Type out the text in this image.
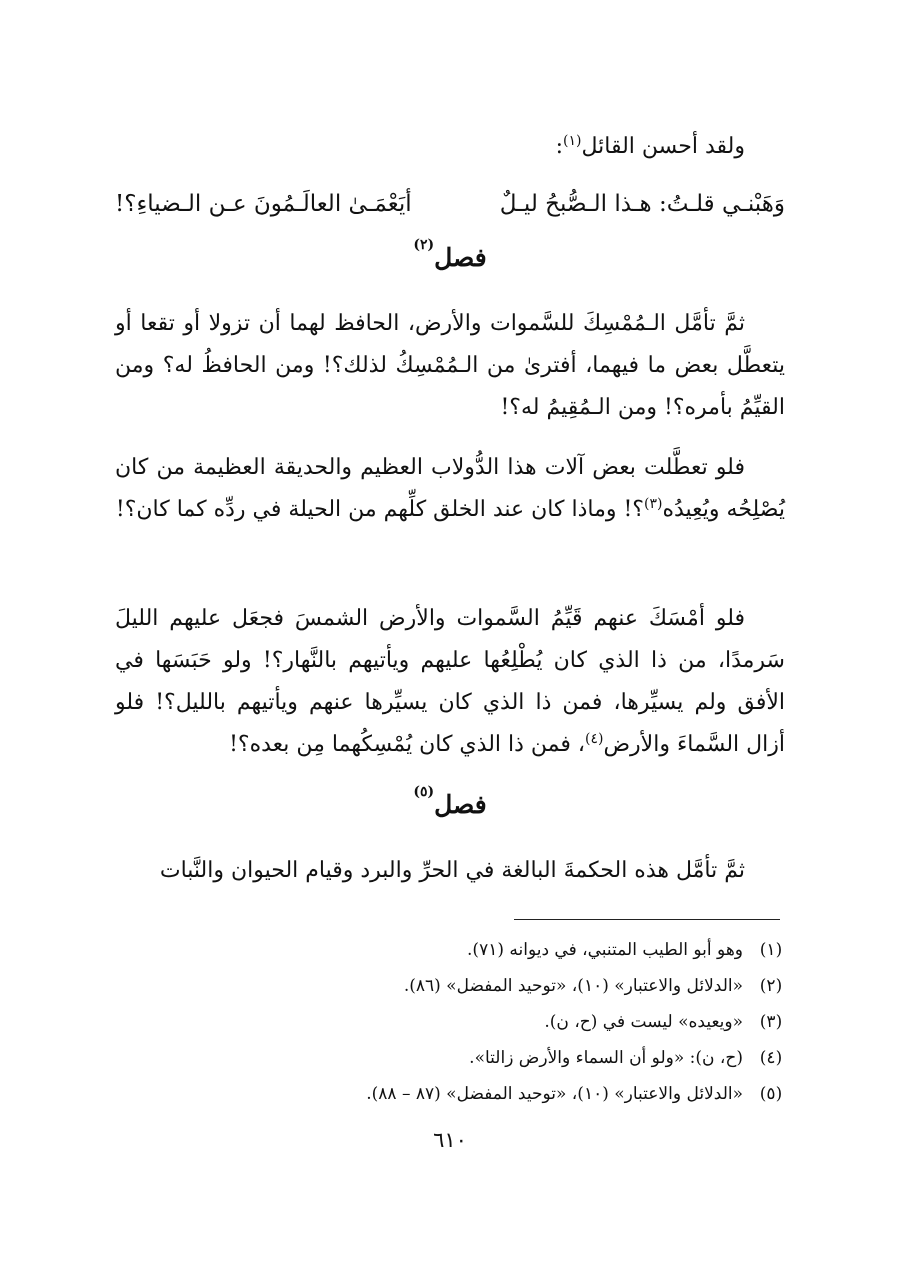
ولقد أحسن القائل$^{(١)}$:
وَهَبْنـي قلـتُ: هـذا الـصُّبحُ ليـلٌ
أيَعْمَـىٰ العالَـمُونَ عـن الـضياءِ؟!
فصل$^{(٢)}$
ثمَّ تأمَّل الـمُمْسِكَ للسَّموات والأرض، الحافظ لهما أن تزولا أو تقعا أو يتعطَّل بعض ما فيهما، أفترىٰ من الـمُمْسِكُ لذلك؟! ومن الحافظُ له؟ ومن القيِّمُ بأمره؟! ومن الـمُقِيمُ له؟!
فلو تعطَّلت بعض آلات هذا الدُّولاب العظيم والحديقة العظيمة من كان يُصْلِحُه ويُعِيدُه$^{(٣)}$؟! وماذا كان عند الخلق كلِّهم من الحيلة في ردِّه كما كان؟!
فلو أمْسَكَ عنهم قَيِّمُ السَّموات والأرض الشمسَ فجعَل عليهم الليلَ سَرمدًا، من ذا الذي كان يُطْلِعُها عليهم ويأتيهم بالنَّهار؟! ولو حَبَسَها في الأفق ولم يسيِّرها، فمن ذا الذي كان يسيِّرها عنهم ويأتيهم بالليل؟! فلو أزال السَّماءَ والأرض$^{(٤)}$، فمن ذا الذي كان يُمْسِكُهما مِن بعده؟!
فصل$^{(٥)}$
ثمَّ تأمَّل هذه الحكمةَ البالغة في الحرِّ والبرد وقيام الحيوان والنَّبات
(١)
وهو أبو الطيب المتنبي، في ديوانه (٧١).
(٢)
«الدلائل والاعتبار» (١٠)، «توحيد المفضل» (٨٦).
(٣)
«ويعيده» ليست في (ح، ن).
(٤)
(ح، ن): «ولو أن السماء والأرض زالتا».
(٥)
«الدلائل والاعتبار» (١٠)، «توحيد المفضل» (٨٧ – ٨٨).
٦١٠
